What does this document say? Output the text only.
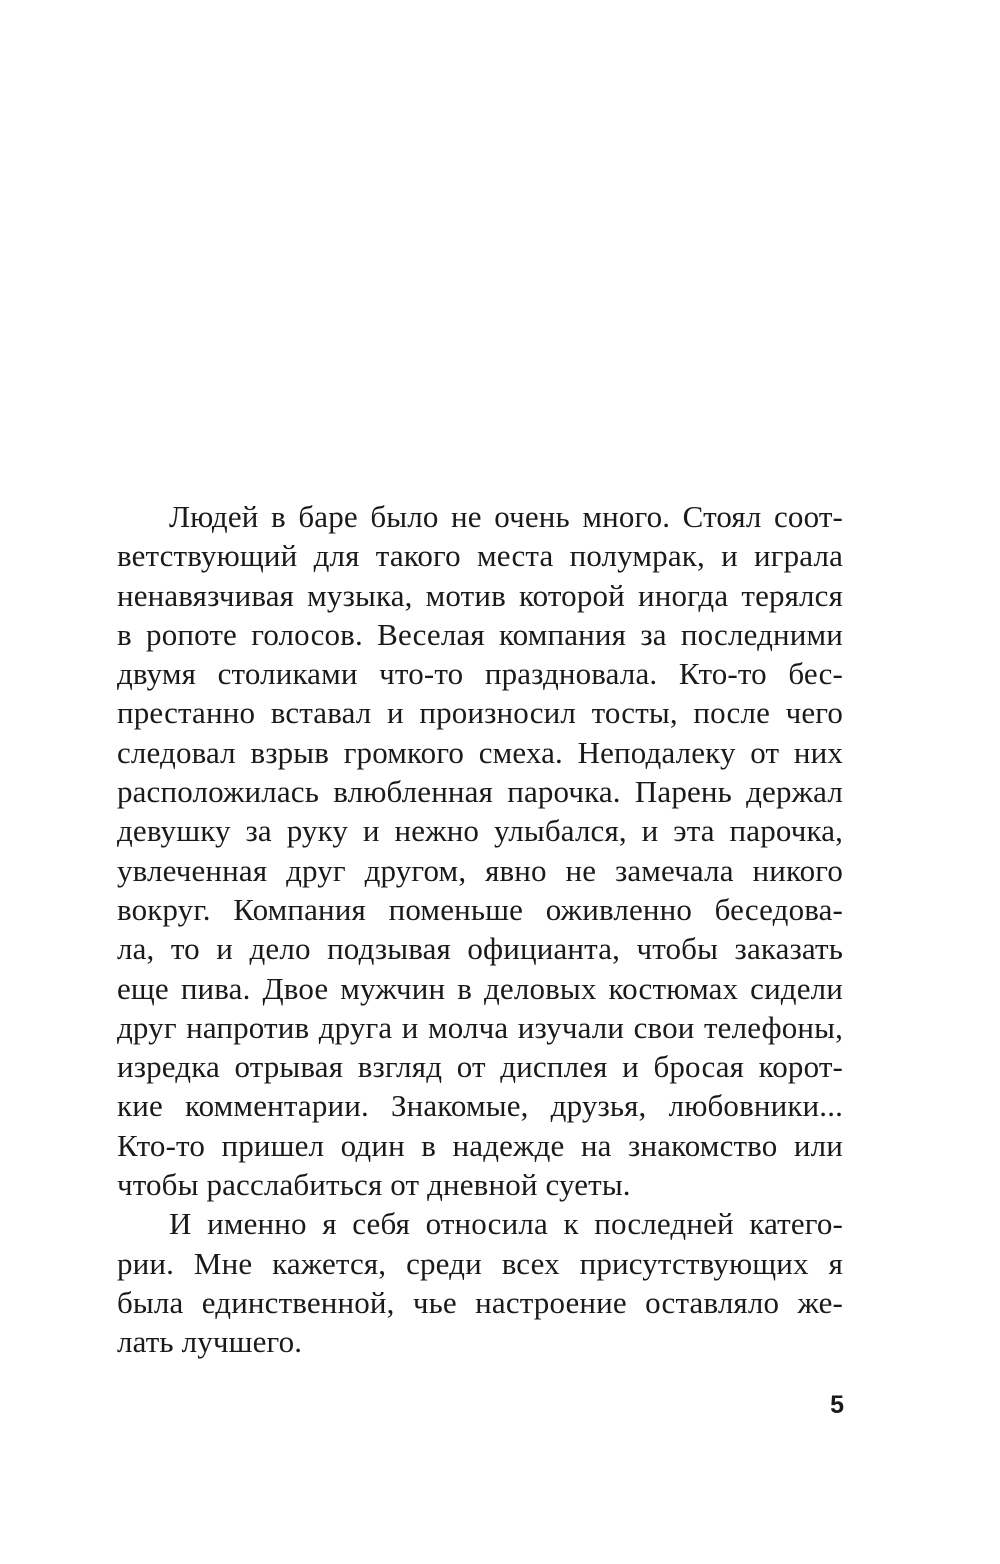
Людей в баре было не очень много. Стоял соот-
ветствующий для такого места полумрак, и играла
ненавязчивая музыка, мотив которой иногда терялся
в ропоте голосов. Веселая компания за последними
двумя столиками что-то праздновала. Кто-то бес-
престанно вставал и произносил тосты, после чего
следовал взрыв громкого смеха. Неподалеку от них
расположилась влюбленная парочка. Парень держал
девушку за руку и нежно улыбался, и эта парочка,
увлеченная друг другом, явно не замечала никого
вокруг. Компания поменьше оживленно беседова-
ла, то и дело подзывая официанта, чтобы заказать
еще пива. Двое мужчин в деловых костюмах сидели
друг напротив друга и молча изучали свои телефоны,
изредка отрывая взгляд от дисплея и бросая корот-
кие комментарии. Знакомые, друзья, любовники...
Кто-то пришел один в надежде на знакомство или
чтобы расслабиться от дневной суеты.

И именно я себя относила к последней катего-
рии. Мне кажется, среди всех присутствующих я
была единственной, чье настроение оставляло же-
лать лучшего.

5
